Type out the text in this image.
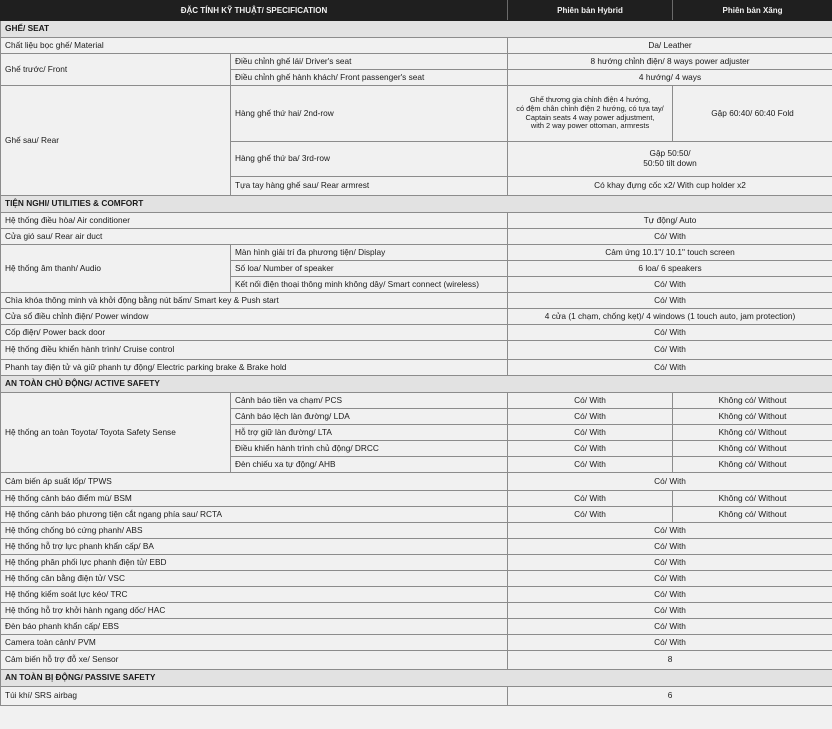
ĐẶC TÍNH KỸ THUẬT/ SPECIFICATION		Phiên bản Hybrid	Phiên bản Xăng
GHẾ/ SEAT			
Chất liệu bọc ghế/ Material		Da/ Leather	
Ghế trước/ Front	Điều chỉnh ghế lái/ Driver's seat	8 hướng chỉnh điện/ 8 ways power adjuster	
	Điều chỉnh ghế hành khách/ Front passenger's seat	4 hướng/ 4 ways	
Ghế sau/ Rear	Hàng ghế thứ hai/ 2nd-row	Ghế thương gia chỉnh điện 4 hướng,
có đệm chân chỉnh điện 2 hướng, có tựa tay/
Captain seats 4 way power adjustment,
with 2 way power ottoman, armrests	Gập 60:40/ 60:40 Fold
	Hàng ghế thứ ba/ 3rd-row	Gập 50:50/
50:50 tilt down	

	Tựa tay hàng ghế sau/ Rear armrest	Có khay đựng cốc x2/ With cup holder x2	
TIỆN NGHI/ UTILITIES & COMFORT			
Hệ thống điều hòa/ Air conditioner		Tự động/ Auto	
Cửa gió sau/ Rear air duct		Có/ With	
Hệ thống âm thanh/ Audio	Màn hình giải trí đa phương tiện/ Display	Cảm ứng 10.1"/ 10.1" touch screen	
	Số loa/ Number of speaker	6 loa/ 6 speakers	
	Kết nối điện thoại thông minh không dây/ Smart connect (wireless)	Có/ With	
Chìa khóa thông minh và khởi động bằng nút bấm/ Smart key & Push start		Có/ With	
Cửa sổ điều chỉnh điện/ Power window		4 cửa (1 chạm, chống kẹt)/ 4 windows (1 touch auto, jam protection)	
Cốp điện/ Power back door		Có/ With	
Hệ thống điều khiển hành trình/ Cruise control		Có/ With	
Phanh tay điện tử và giữ phanh tự động/ Electric parking brake & Brake hold		Có/ With	
AN TOÀN CHỦ ĐỘNG/ ACTIVE SAFETY			
Hệ thống an toàn Toyota/ Toyota Safety Sense	Cảnh báo tiền va chạm/ PCS	Có/ With	Không có/ Without
	Cảnh báo lệch làn đường/ LDA	Có/ With	Không có/ Without
	Hỗ trợ giữ làn đường/ LTA	Có/ With	Không có/ Without
	Điều khiển hành trình chủ động/ DRCC	Có/ With	Không có/ Without
	Đèn chiếu xa tự động/ AHB	Có/ With	Không có/ Without
Cảm biến áp suất lốp/ TPWS		Có/ With	
Hệ thống cảnh báo điểm mù/ BSM		Có/ With	Không có/ Without
Hệ thống cảnh báo phương tiện cắt ngang phía sau/ RCTA		Có/ With	Không có/ Without
Hệ thống chống bó cứng phanh/ ABS		Có/ With	
Hệ thống hỗ trợ lực phanh khẩn cấp/ BA		Có/ With	
Hệ thống phân phối lực phanh điện tử/ EBD		Có/ With	
Hệ thống cân bằng điện tử/ VSC		Có/ With	
Hệ thống kiểm soát lực kéo/ TRC		Có/ With	
Hệ thống hỗ trợ khởi hành ngang dốc/ HAC		Có/ With	
Đèn báo phanh khẩn cấp/ EBS		Có/ With	
Camera toàn cảnh/ PVM		Có/ With	
Cảm biến hỗ trợ đỗ xe/ Sensor		8	
AN TOÀN BỊ ĐỘNG/ PASSIVE SAFETY			
Túi khí/ SRS airbag		6	
